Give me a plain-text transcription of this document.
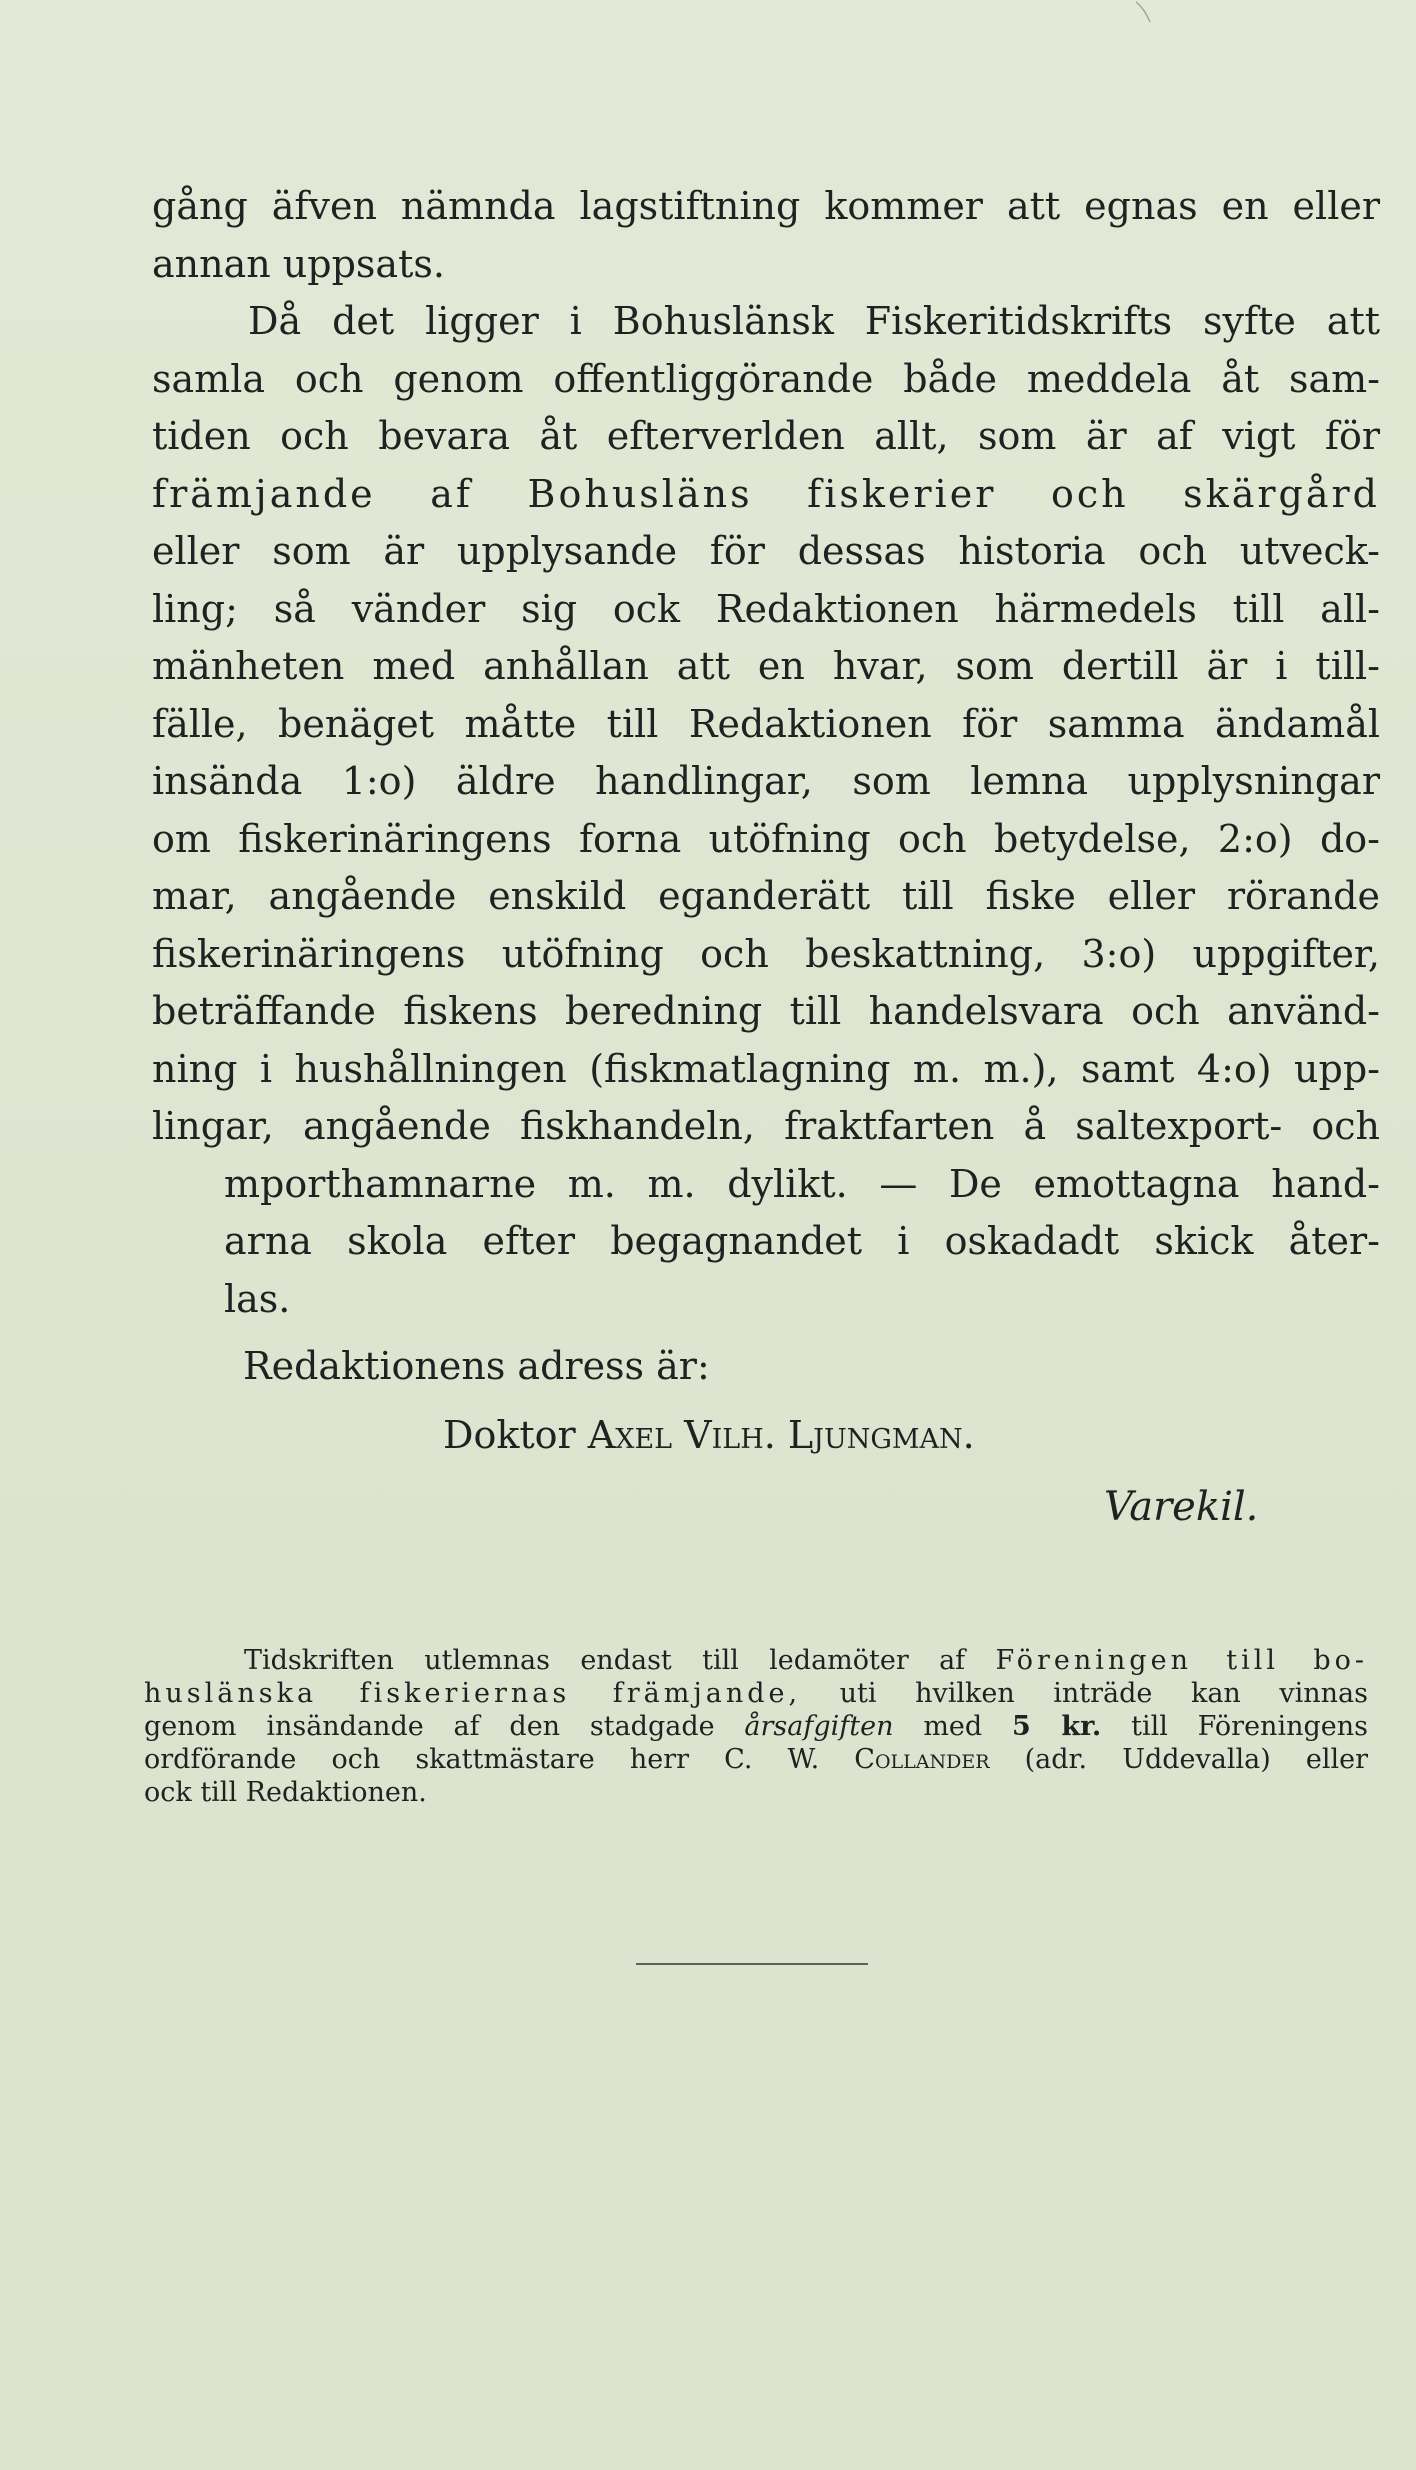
gång äfven nämnda lagstiftning kommer att egnas en eller
annan uppsats.
Då det ligger i Bohuslänsk Fiskeritidskrifts syfte att
samla och genom offentliggörande både meddela åt sam-
tiden och bevara åt efterverlden allt, som är af vigt för
främjande af Bohusläns fiskerier och skärgård
eller som är upplysande för dessas historia och utveck-
ling; så vänder sig ock Redaktionen härmedels till all-
mänheten med anhållan att en hvar, som dertill är i till-
fälle, benäget måtte till Redaktionen för samma ändamål
insända 1:o) äldre handlingar, som lemna upplysningar
om fiskerinäringens forna utöfning och betydelse, 2:o) do-
mar, angående enskild eganderätt till fiske eller rörande
fiskerinäringens utöfning och beskattning, 3:o) uppgifter,
beträffande fiskens beredning till handelsvara och använd-
ning i hushållningen (fiskmatlagning m. m.), samt 4:o) upp-
lingar, angående fiskhandeln, fraktfarten å saltexport- och
mporthamnarne m. m. dylikt. — De emottagna hand-
arna skola efter begagnandet i oskadadt skick åter-
las.
Redaktionens adress är:
Doktor Axel Vilh. Ljungman.
Varekil.
Tidskriften utlemnas endast till ledamöter af Föreningen till bo-
huslänska fiskeriernas främjande, uti hvilken inträde kan vinnas
genom insändande af den stadgade årsafgiften med 5 kr. till Föreningens
ordförande och skattmästare herr C. W. Collander (adr. Uddevalla) eller
ock till Redaktionen.
